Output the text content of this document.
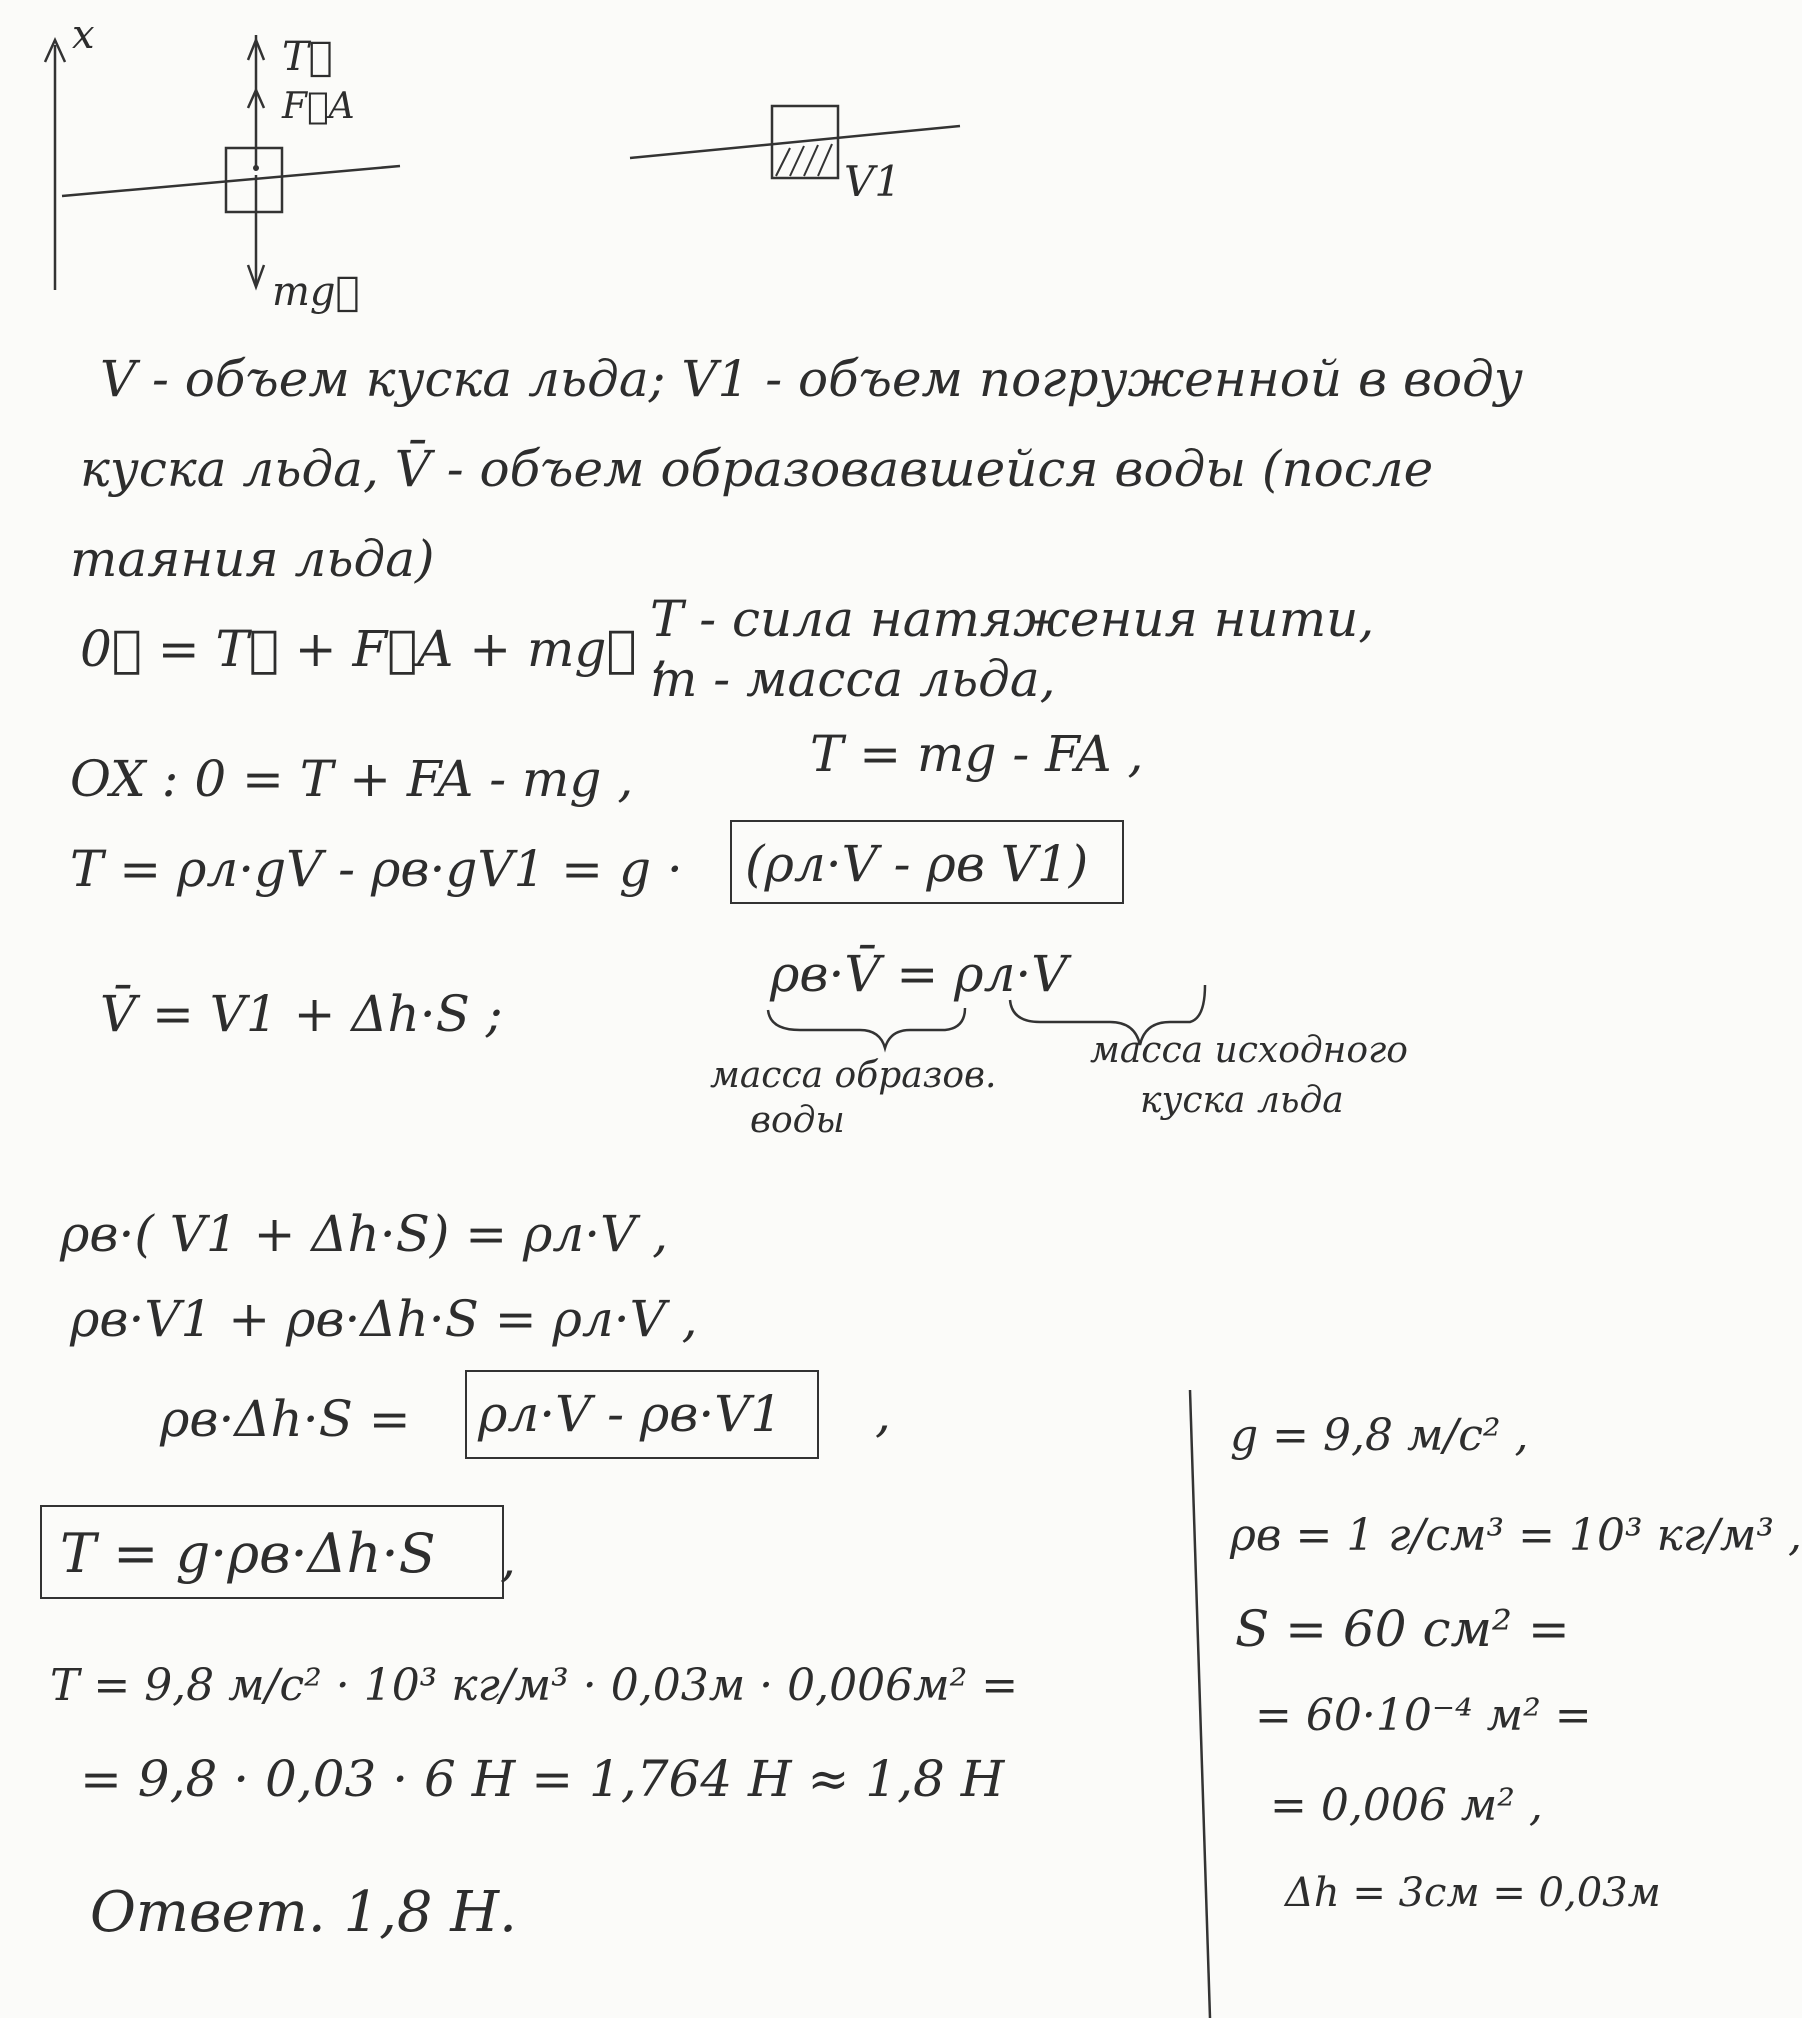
x	T⃗
F⃗A
mg⃗
V1
V - объем куска льда; V1 - объем погруженной в воду
куска льда, V̄ - объем образовавшейся воды (после
таяния льда)
0⃗ = T⃗ + F⃗A + mg⃗ ,
T - сила натяжения нити,
m - масса льда,
OX : 0 = T + FA - mg ,	T = mg - FA ,
T = ρл·gV - ρв·gV1 = g · (ρл·V - ρв V1)
V̄ = V1 + Δh·S ;
ρв·V̄ = ρл·V
масса образов.
воды
масса исходного
куска льда
ρв·( V1 + Δh·S) = ρл·V ,
ρв·V1 + ρв·Δh·S = ρл·V ,
ρв·Δh·S = ρл·V - ρв·V1 ,
T = g·ρв·Δh·S ,
T = 9,8 м/с² · 10³ кг/м³ · 0,03м · 0,006м² =
= 9,8 · 0,03 · 6 Н = 1,764 Н ≈ 1,8 Н
Ответ. 1,8 Н.
g = 9,8 м/с² ,
ρв = 1 г/см³ = 10³ кг/м³ ,
S = 60 см² =
= 60·10⁻⁴ м² =
= 0,006 м² ,
Δh = 3см = 0,03м
